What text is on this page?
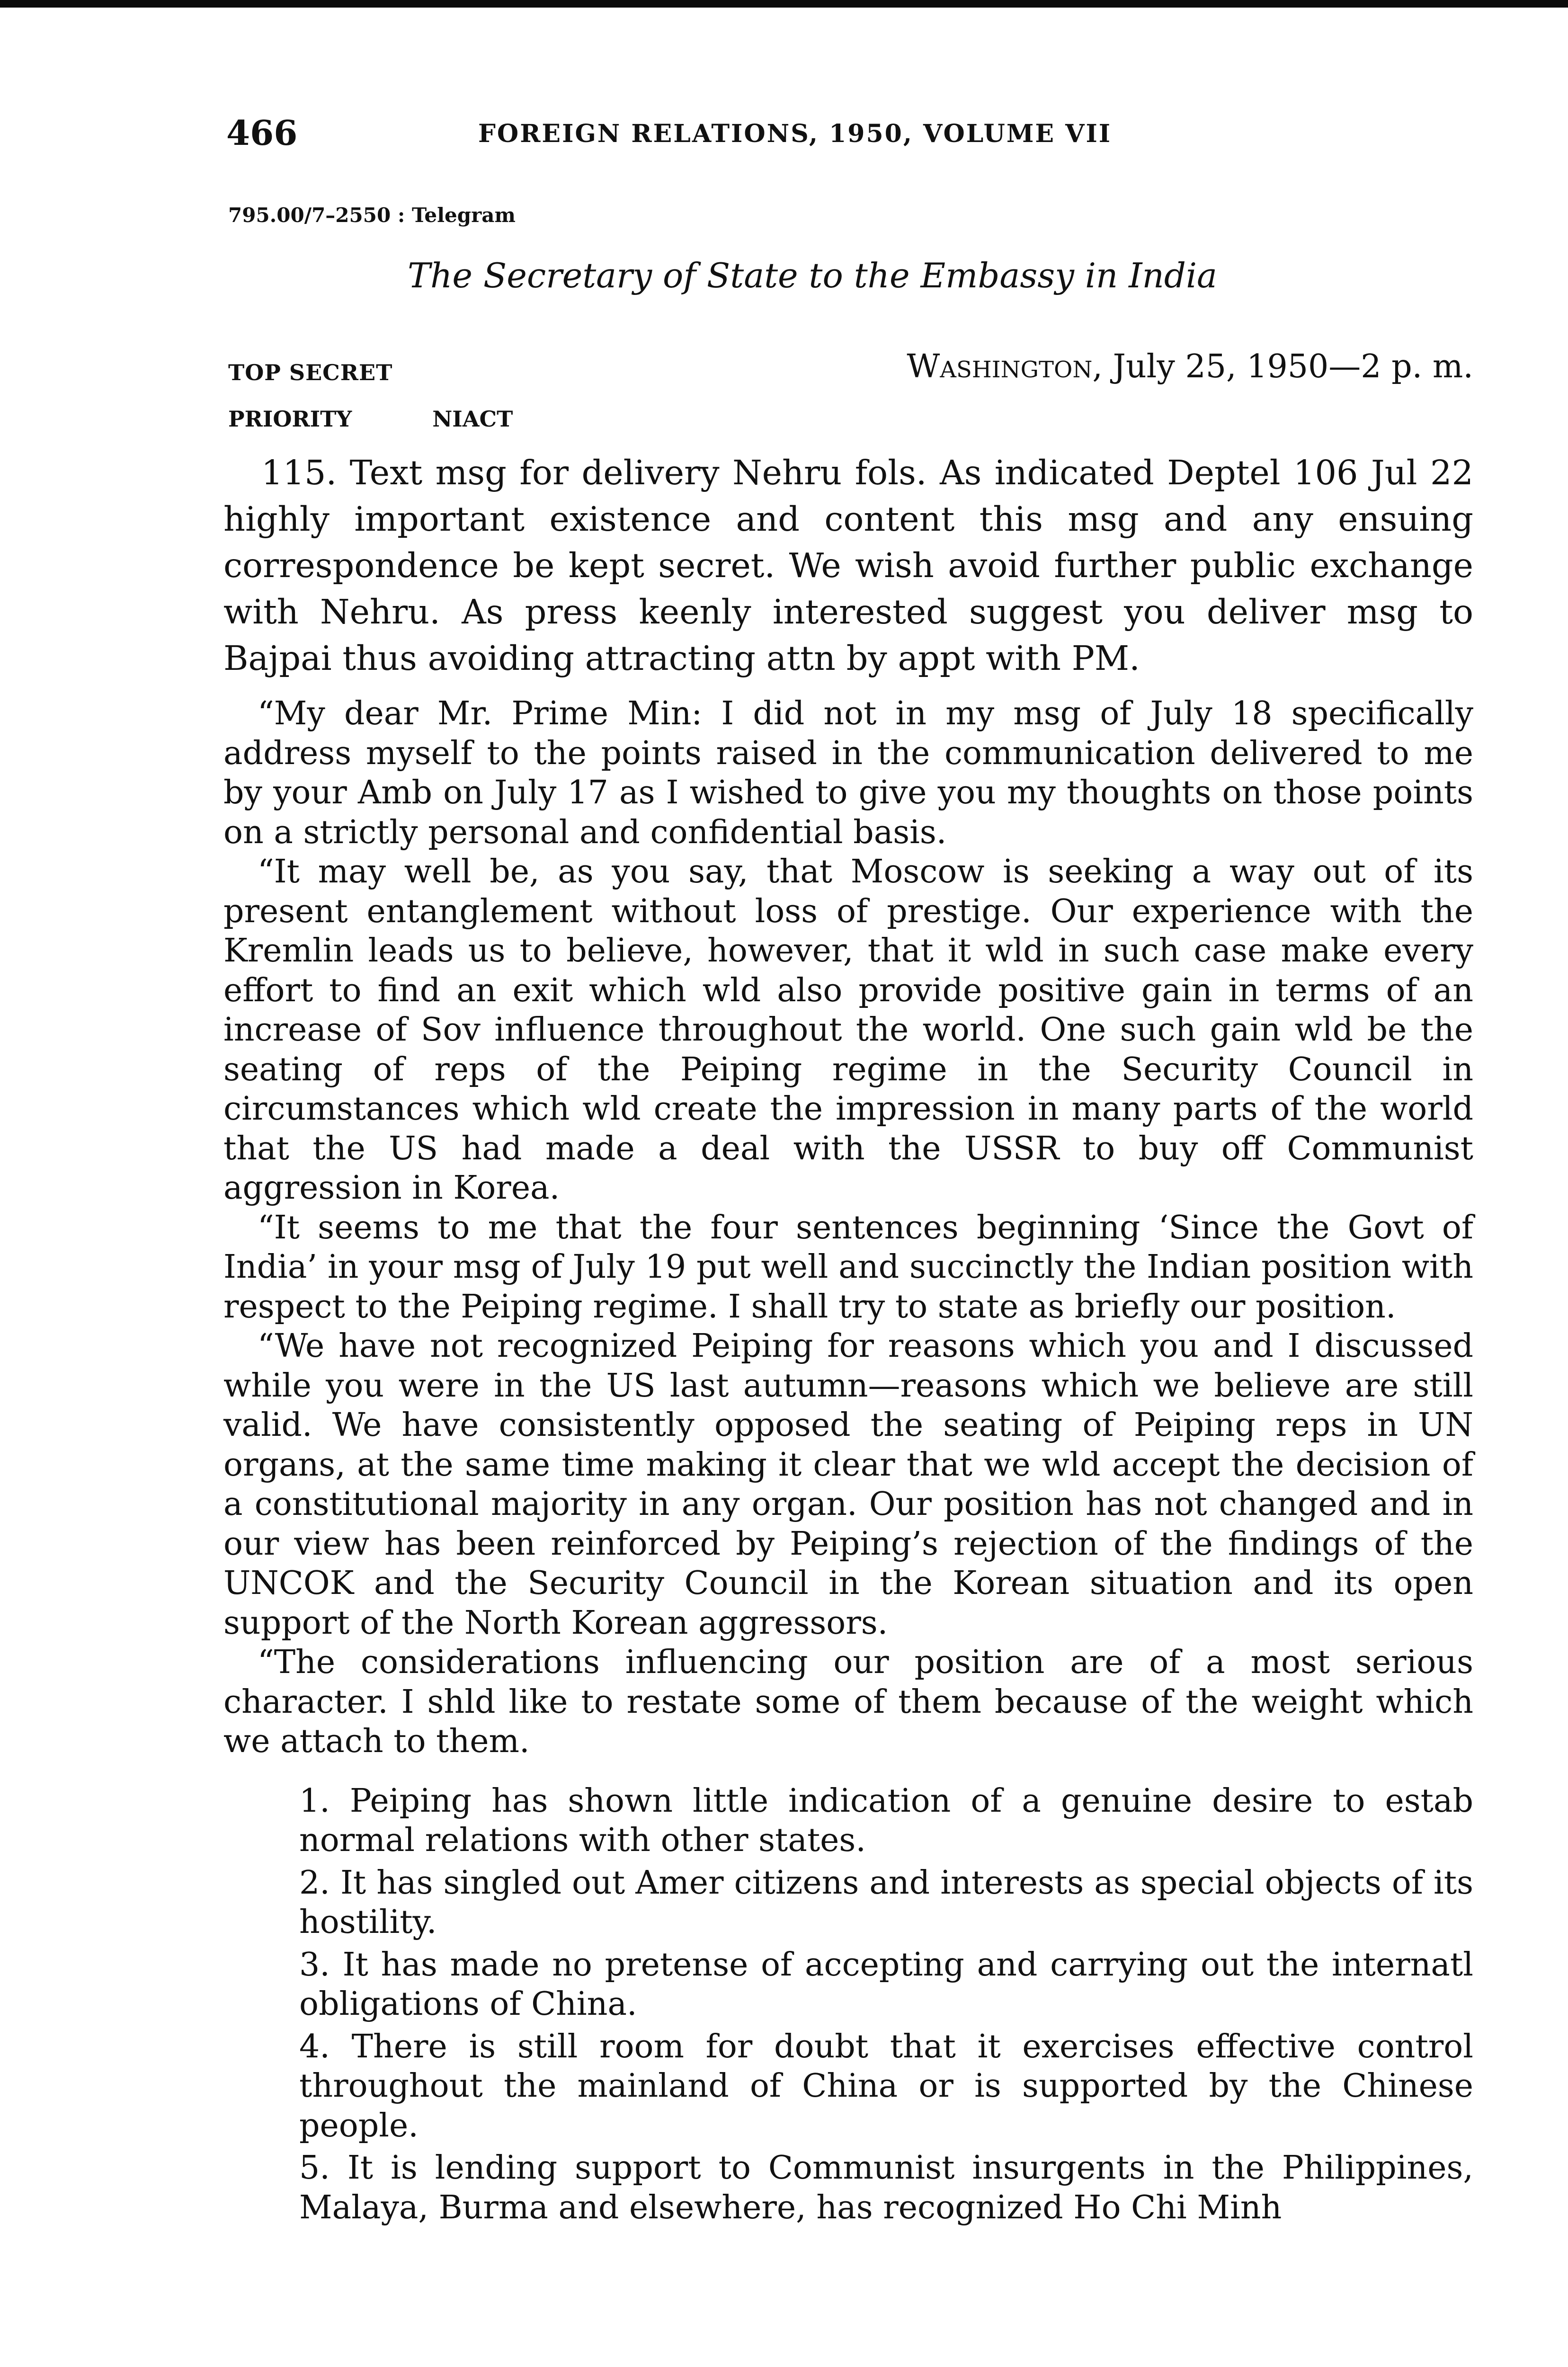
466	FOREIGN RELATIONS, 1950, VOLUME VII
795.00/7–2550 : Telegram
The Secretary of State to the Embassy in India
TOP SECRET	Washington, July 25, 1950—2 p. m.
PRIORITY	NIACT

115. Text msg for delivery Nehru fols. As indicated Deptel 106 Jul 22 highly important existence and content this msg and any ensuing correspondence be kept secret. We wish avoid further public exchange with Nehru. As press keenly interested suggest you deliver msg to Bajpai thus avoiding attracting attn by appt with PM.

“My dear Mr. Prime Min: I did not in my msg of July 18 specifically address myself to the points raised in the communication delivered to me by your Amb on July 17 as I wished to give you my thoughts on those points on a strictly personal and confidential basis.

“It may well be, as you say, that Moscow is seeking a way out of its present entanglement without loss of prestige. Our experience with the Kremlin leads us to believe, however, that it wld in such case make every effort to find an exit which wld also provide positive gain in terms of an increase of Sov influence throughout the world. One such gain wld be the seating of reps of the Peiping regime in the Security Council in circumstances which wld create the impression in many parts of the world that the US had made a deal with the USSR to buy off Communist aggression in Korea.

“It seems to me that the four sentences beginning ‘Since the Govt of India’ in your msg of July 19 put well and succinctly the Indian position with respect to the Peiping regime. I shall try to state as briefly our position.

“We have not recognized Peiping for reasons which you and I discussed while you were in the US last autumn—reasons which we believe are still valid. We have consistently opposed the seating of Peiping reps in UN organs, at the same time making it clear that we wld accept the decision of a constitutional majority in any organ. Our position has not changed and in our view has been reinforced by Peiping’s rejection of the findings of the UNCOK and the Security Council in the Korean situation and its open support of the North Korean aggressors.

“The considerations influencing our position are of a most serious character. I shld like to restate some of them because of the weight which we attach to them.

1. Peiping has shown little indication of a genuine desire to estab normal relations with other states.
2. It has singled out Amer citizens and interests as special objects of its hostility.
3. It has made no pretense of accepting and carrying out the internatl obligations of China.
4. There is still room for doubt that it exercises effective control throughout the mainland of China or is supported by the Chinese people.
5. It is lending support to Communist insurgents in the Philippines, Malaya, Burma and elsewhere, has recognized Ho Chi Minh
